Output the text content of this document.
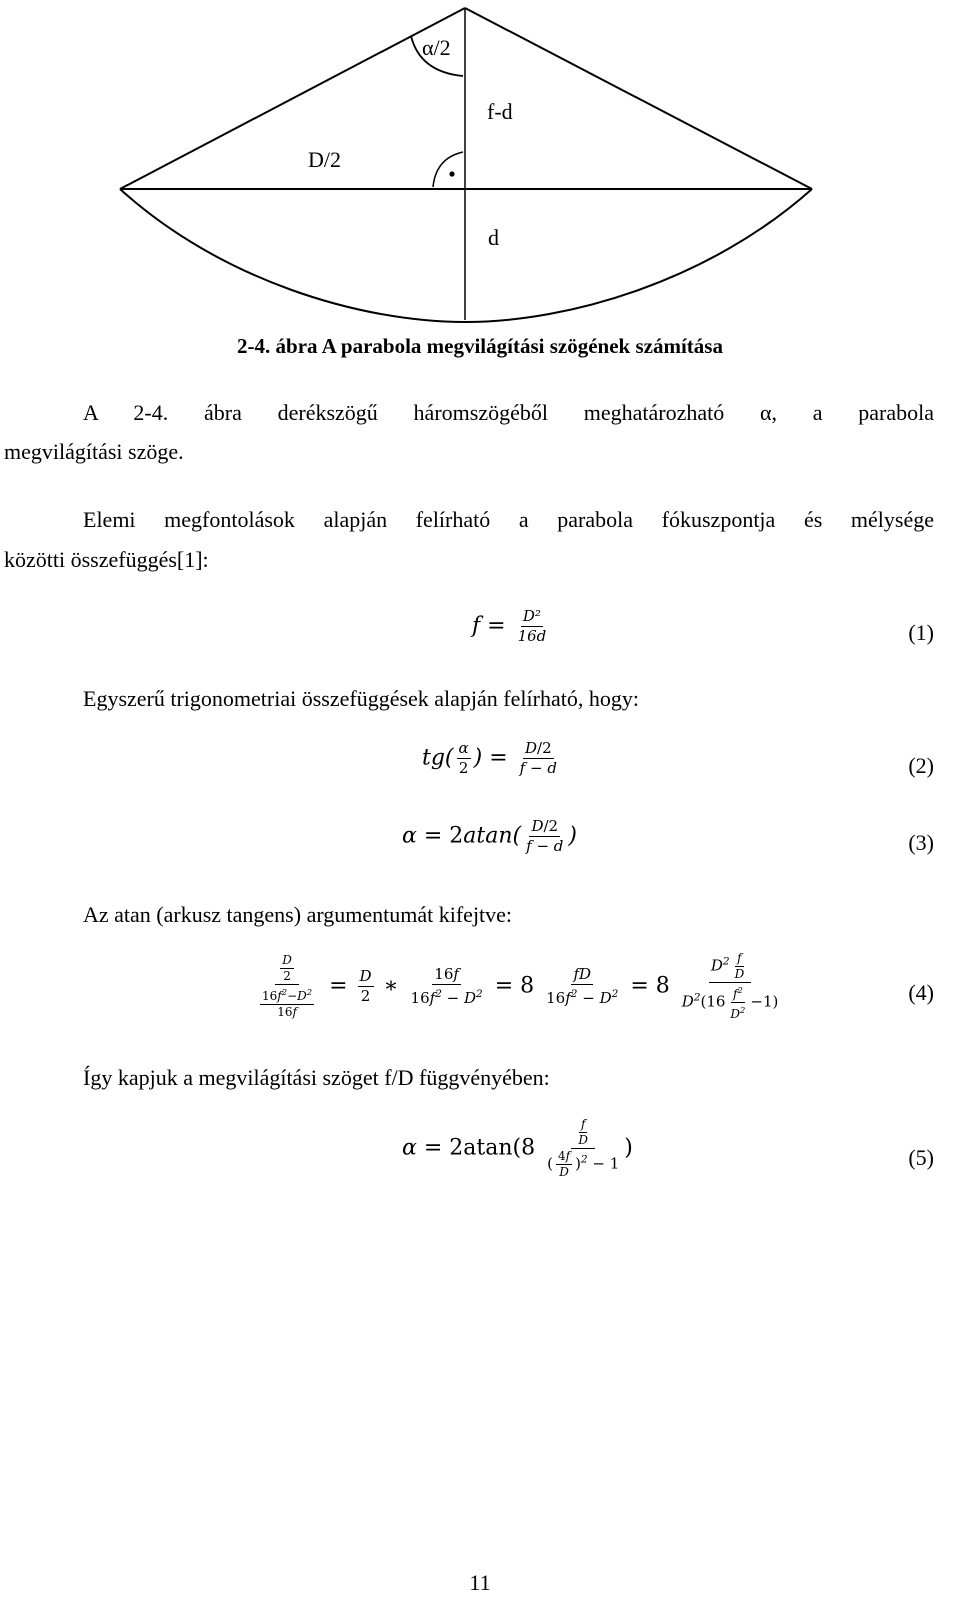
α/2
f-d
D/2
d
2-4. ábra A parabola megvilágítási szögének számítása
A 2-4. ábra derékszögű háromszögéből meghatározható α, a parabola
megvilágítási szöge.
Elemi megfontolások alapján felírható a parabola fókuszpontja és mélysége
közötti összefüggés[1]:
$f = \frac{\text{D²}}{16d}$	(1)
Egyszerű trigonometriai összefüggések alapján felírható, hogy:
$tg( \frac{\alpha}{2}$ ) = $\frac{D/2}{f - d}$	(2)
$\alpha = 2atan( \frac{D/2}{f - d}$ )	(3)
Az atan (arkusz tangens) argumentumát kifejtve:
$\frac{\frac{D}{2}}{\frac{16f^2-D^2}{16f}} = \frac{D}{2}$ ∗ $\frac{16f}{16f^2 - D^2} = 8 \frac{fD}{16f^2 - D^2} = 8 \frac{D^2 \frac{f}{D}}{D^2(16 \frac{f^2}{D^2} -1)}$	(4)
Így kapjuk a megvilágítási szöget f/D függvényében:
$\alpha = 2atan(8 \frac{\frac{f}{D}}{( \frac{4f}{D} )^2 - 1}$ )	(5)
11
